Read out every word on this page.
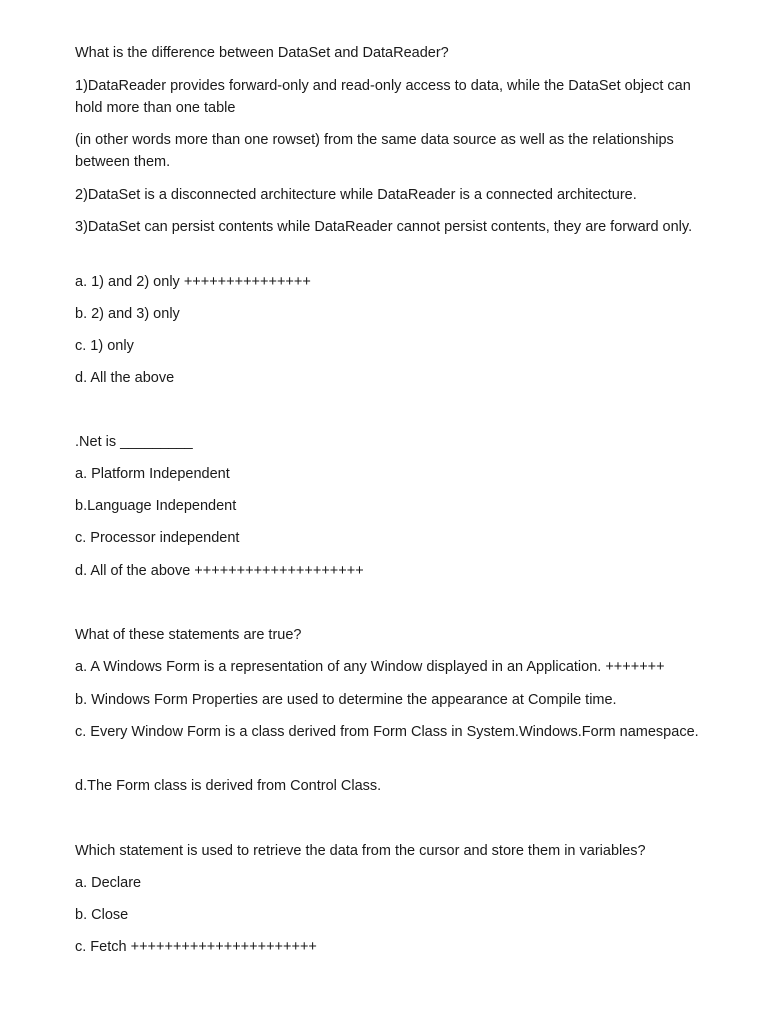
What is the difference between DataSet and DataReader?
1)DataReader provides forward-only and read-only access to data, while the DataSet object can hold more than one table
(in other words more than one rowset) from the same data source as well as the relationships between them.
2)DataSet is a disconnected architecture while DataReader is a connected architecture.
3)DataSet can persist contents while DataReader cannot persist contents, they are forward only.
a. 1) and 2) only +++++++++++++++
b. 2) and 3) only
c. 1) only
d. All the above
.Net is _________
a. Platform Independent
b.Language Independent
c. Processor independent
d. All of the above ++++++++++++++++++++
What of these statements are true?
a. A Windows Form is a representation of any Window displayed in an Application. +++++++
b. Windows Form Properties are used to determine the appearance at Compile time.
c. Every Window Form is a class derived from Form Class in System.Windows.Form namespace.
d.The Form class is derived from Control Class.
Which statement is used to retrieve the data from the cursor and store them in variables?
a. Declare
b. Close
c. Fetch ++++++++++++++++++++++
